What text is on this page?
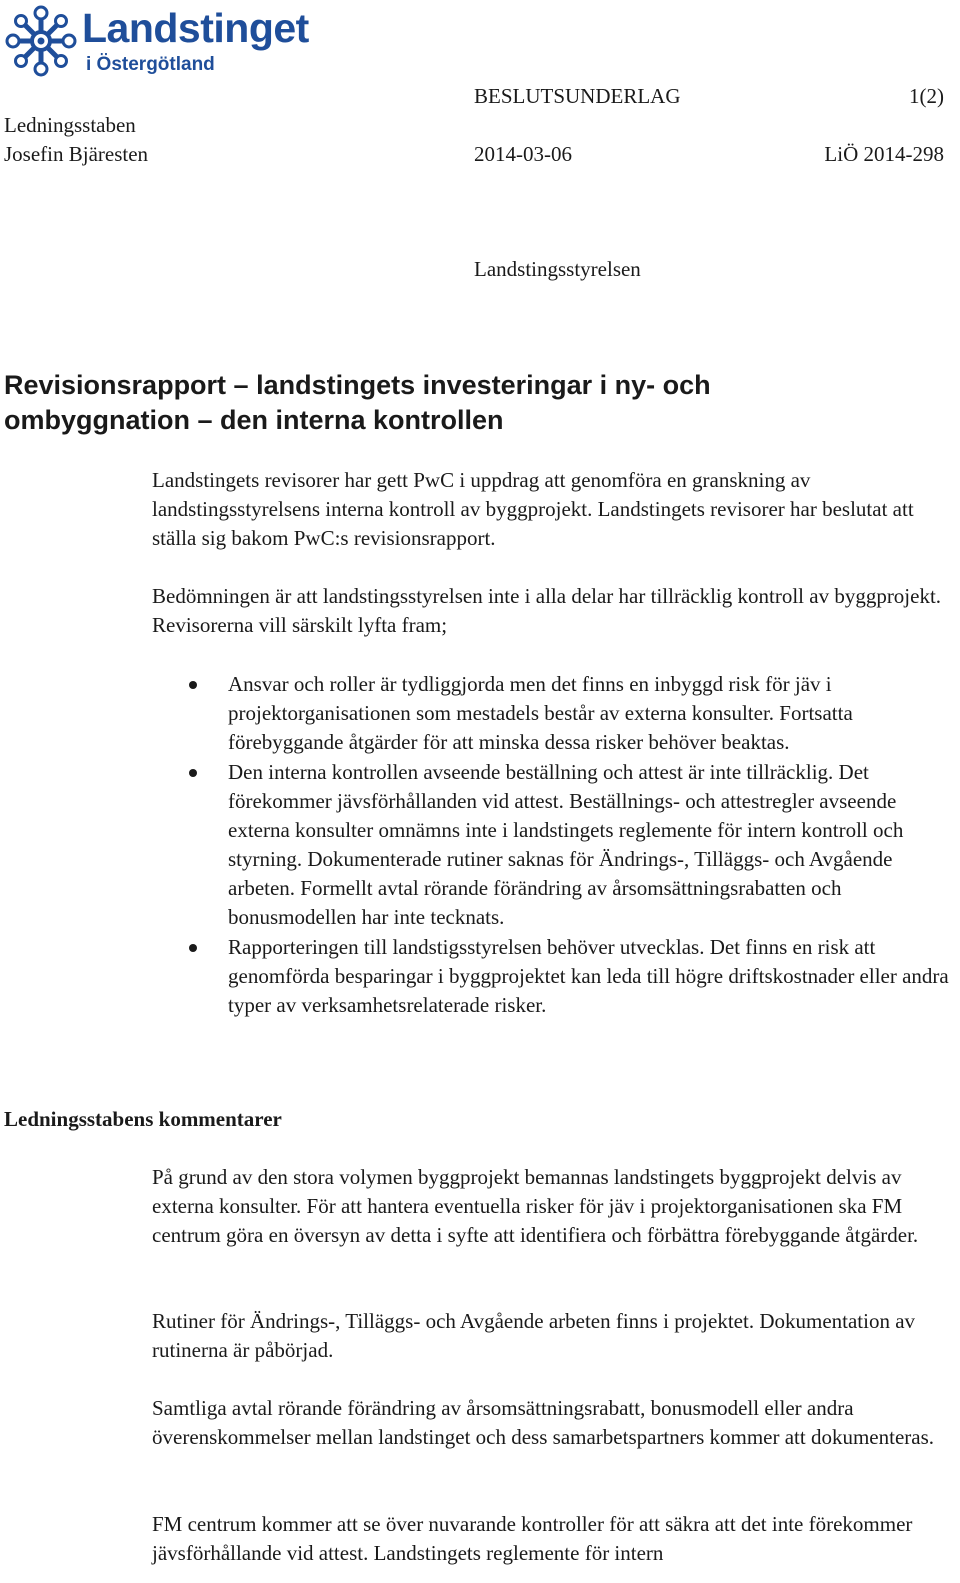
Landstinget
i Östergötland
BESLUTSUNDERLAG	1(2)
Ledningsstaben
Josefin Bjäresten	2014-03-06	LiÖ 2014-298
Landstingsstyrelsen
Revisionsrapport – landstingets investeringar i ny- och
ombyggnation – den interna kontrollen
Landstingets revisorer har gett PwC i uppdrag att genomföra en granskning av landstingsstyrelsens interna kontroll av byggprojekt. Landstingets revisorer har beslutat att ställa sig bakom PwC:s revisionsrapport.
Bedömningen är att landstingsstyrelsen inte i alla delar har tillräcklig kontroll av byggprojekt. Revisorerna vill särskilt lyfta fram;
Ansvar och roller är tydliggjorda men det finns en inbyggd risk för jäv i projektorganisationen som mestadels består av externa konsulter. Fortsatta förebyggande åtgärder för att minska dessa risker behöver beaktas.
Den interna kontrollen avseende beställning och attest är inte tillräcklig. Det förekommer jävsförhållanden vid attest. Beställnings- och attestregler avseende externa konsulter omnämns inte i landstingets reglemente för intern kontroll och styrning. Dokumenterade rutiner saknas för Ändrings-, Tilläggs- och Avgående arbeten. Formellt avtal rörande förändring av årsomsättningsrabatten och bonusmodellen har inte tecknats.
Rapporteringen till landstigsstyrelsen behöver utvecklas. Det finns en risk att genomförda besparingar i byggprojektet kan leda till högre driftskostnader eller andra typer av verksamhetsrelaterade risker.
Ledningsstabens kommentarer
På grund av den stora volymen byggprojekt bemannas landstingets byggprojekt delvis av externa konsulter. För att hantera eventuella risker för jäv i projektorganisationen ska FM centrum göra en översyn av detta i syfte att identifiera och förbättra förebyggande åtgärder.
Rutiner för Ändrings-, Tilläggs- och Avgående arbeten finns i projektet. Dokumentation av rutinerna är påbörjad.
Samtliga avtal rörande förändring av årsomsättningsrabatt, bonusmodell eller andra överenskommelser mellan landstinget och dess samarbetspartners kommer att dokumenteras.
FM centrum kommer att se över nuvarande kontroller för att säkra att det inte förekommer jävsförhållande vid attest. Landstingets reglemente för intern
